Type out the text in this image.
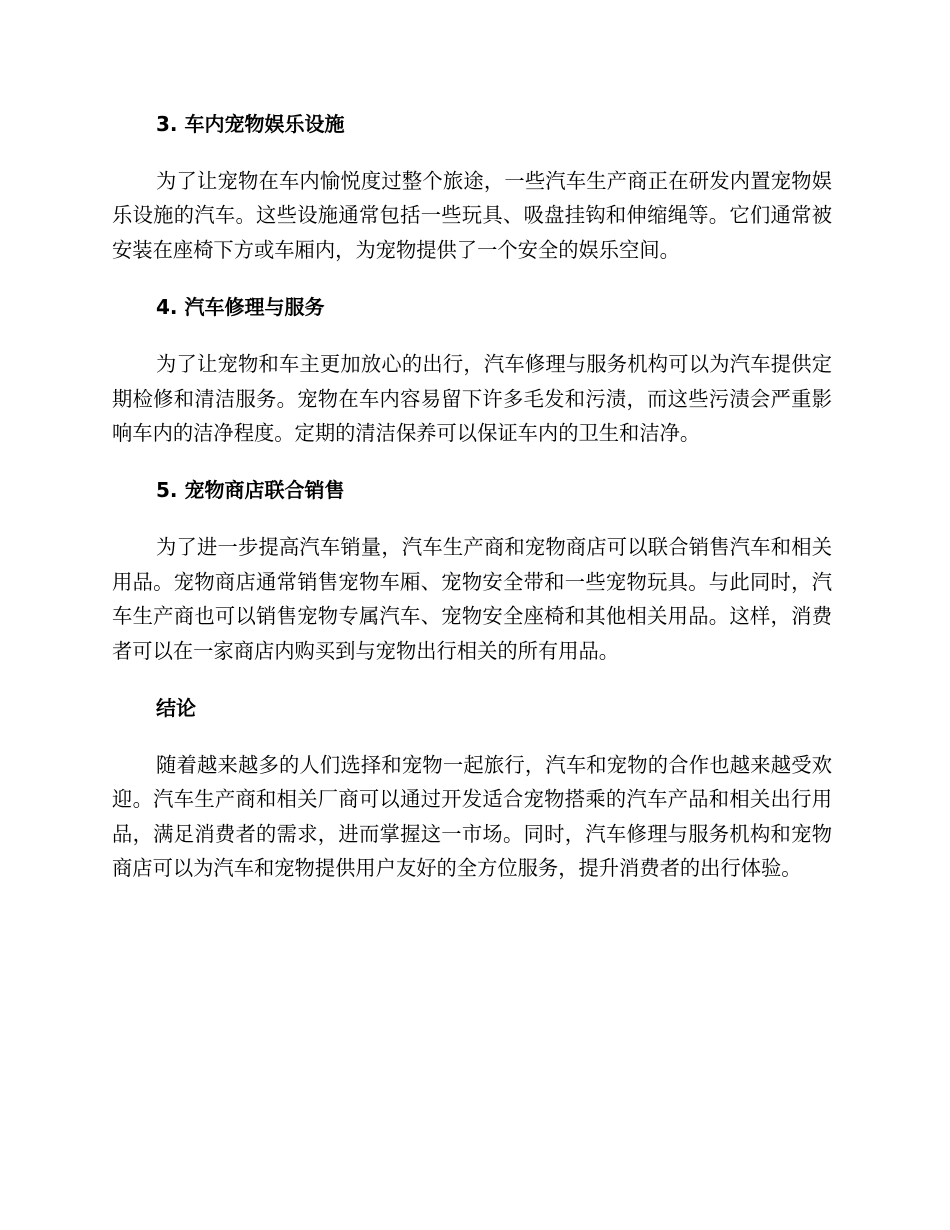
3. 车内宠物娱乐设施

为了让宠物在车内愉悦度过整个旅途，一些汽车生产商正在研发内置宠物娱乐设施的汽车。这些设施通常包括一些玩具、吸盘挂钩和伸缩绳等。它们通常被安装在座椅下方或车厢内，为宠物提供了一个安全的娱乐空间。

4. 汽车修理与服务

为了让宠物和车主更加放心的出行，汽车修理与服务机构可以为汽车提供定期检修和清洁服务。宠物在车内容易留下许多毛发和污渍，而这些污渍会严重影响车内的洁净程度。定期的清洁保养可以保证车内的卫生和洁净。

5. 宠物商店联合销售

为了进一步提高汽车销量，汽车生产商和宠物商店可以联合销售汽车和相关用品。宠物商店通常销售宠物车厢、宠物安全带和一些宠物玩具。与此同时，汽车生产商也可以销售宠物专属汽车、宠物安全座椅和其他相关用品。这样，消费者可以在一家商店内购买到与宠物出行相关的所有用品。

结论

随着越来越多的人们选择和宠物一起旅行，汽车和宠物的合作也越来越受欢迎。汽车生产商和相关厂商可以通过开发适合宠物搭乘的汽车产品和相关出行用品，满足消费者的需求，进而掌握这一市场。同时，汽车修理与服务机构和宠物商店可以为汽车和宠物提供用户友好的全方位服务，提升消费者的出行体验。
